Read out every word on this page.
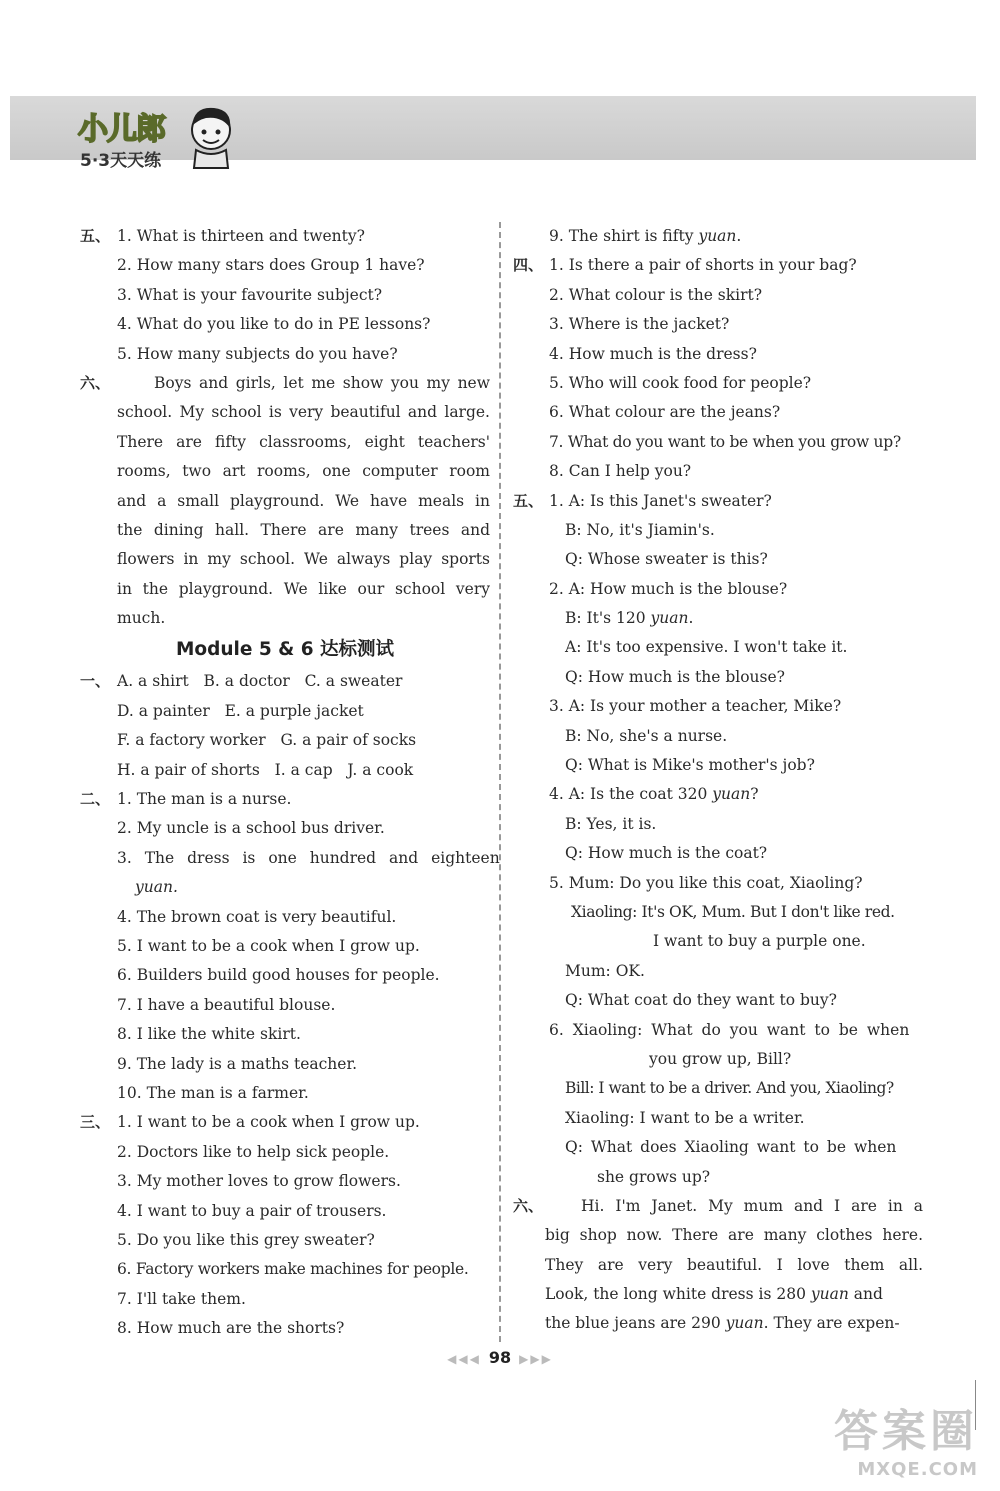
小儿郎
5·3天天练
五、 1. What is thirteen and twenty?
2. How many stars does Group 1 have?
3. What is your favourite subject?
4. What do you like to do in PE lessons?
5. How many subjects do you have?
六、	Boys and girls, let me show you my new
school. My school is very beautiful and large.
There are fifty classrooms, eight teachers'
rooms, two art rooms, one computer room
and a small playground. We have meals in
the dining hall. There are many trees and
flowers in my school. We always play sports
in the playground. We like our school very
much.
Module 5 & 6 达标测试
一、 A. a shirt   B. a doctor   C. a sweater
D. a painter   E. a purple jacket
F. a factory worker   G. a pair of socks
H. a pair of shorts   I. a cap   J. a cook
二、 1. The man is a nurse.
2. My uncle is a school bus driver.
3. The dress is one hundred and eighteen
yuan.
4. The brown coat is very beautiful.
5. I want to be a cook when I grow up.
6. Builders build good houses for people.
7. I have a beautiful blouse.
8. I like the white skirt.
9. The lady is a maths teacher.
10. The man is a farmer.
三、 1. I want to be a cook when I grow up.
2. Doctors like to help sick people.
3. My mother loves to grow flowers.
4. I want to buy a pair of trousers.
5. Do you like this grey sweater?
6. Factory workers make machines for people.
7. I'll take them.
8. How much are the shorts?
9. The shirt is fifty yuan.
四、 1. Is there a pair of shorts in your bag?
2. What colour is the skirt?
3. Where is the jacket?
4. How much is the dress?
5. Who will cook food for people?
6. What colour are the jeans?
7. What do you want to be when you grow up?
8. Can I help you?
五、 1. A: Is this Janet's sweater?
B: No, it's Jiamin's.
Q: Whose sweater is this?
2. A: How much is the blouse?
B: It's 120 yuan.
A: It's too expensive. I won't take it.
Q: How much is the blouse?
3. A: Is your mother a teacher, Mike?
B: No, she's a nurse.
Q: What is Mike's mother's job?
4. A: Is the coat 320 yuan?
B: Yes, it is.
Q: How much is the coat?
5. Mum: Do you like this coat, Xiaoling?
Xiaoling: It's OK, Mum. But I don't like red.
I want to buy a purple one.
Mum: OK.
Q: What coat do they want to buy?
6. Xiaoling: What do you want to be when
you grow up, Bill?
Bill: I want to be a driver. And you, Xiaoling?
Xiaoling: I want to be a writer.
Q: What does Xiaoling want to be when
she grows up?
六、 Hi. I'm Janet. My mum and I are in a
big shop now. There are many clothes here.
They are very beautiful. I love them all.
Look, the long white dress is 280 yuan and
the blue jeans are 290 yuan. They are expen-
◀◀◀ 98 ▶▶▶
答案圈
MXQE.COM
